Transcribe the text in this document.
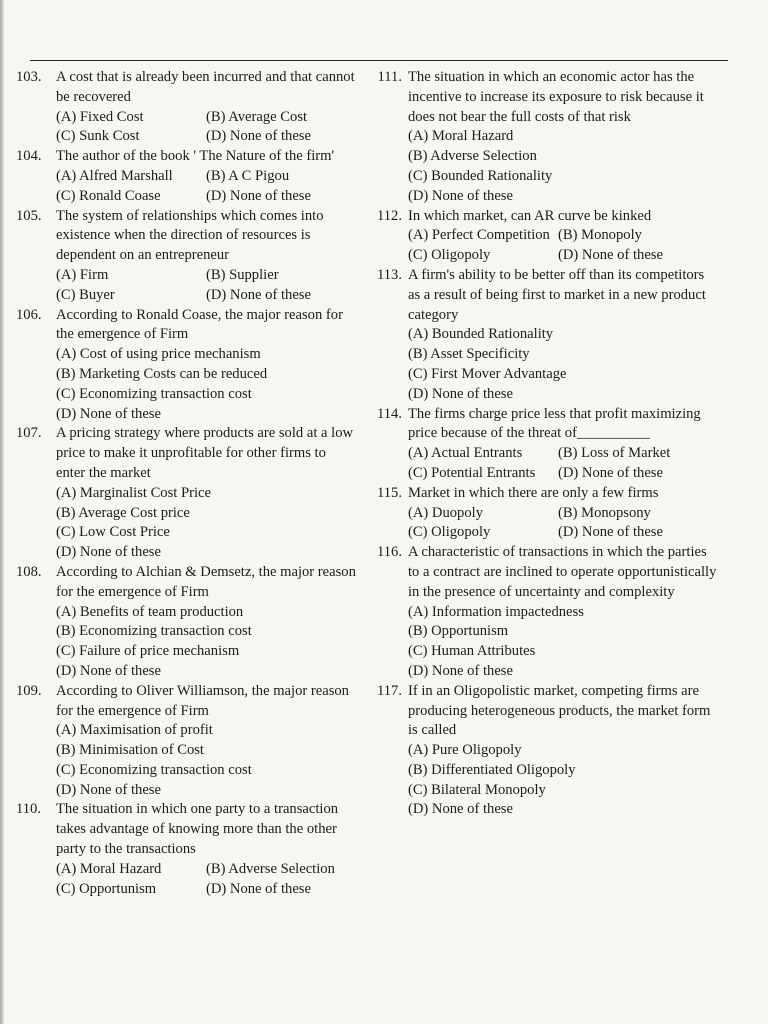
103. A cost that is already been incurred and that cannot be recovered

(A) Fixed Cost	(B) Average Cost
(C) Sunk Cost	(D) None of these
104. The author of the book ' The Nature of the firm'

(A) Alfred Marshall	(B) A C Pigou
(C) Ronald Coase	(D) None of these
105. The system of relationships which comes into existence when the direction of resources is dependent on an entrepreneur

(A) Firm	(B) Supplier
(C) Buyer	(D) None of these
106. According to Ronald Coase, the major reason for the emergence of Firm

(A) Cost of using price mechanism
(B) Marketing Costs can be reduced
(C) Economizing transaction cost
(D) None of these
107. A pricing strategy where products are sold at a low price to make it unprofitable for other firms to enter the market

(A) Marginalist Cost Price
(B) Average Cost price
(C) Low Cost Price
(D) None of these
108. According to Alchian & Demsetz, the major reason for the emergence of Firm

(A) Benefits of team production
(B) Economizing transaction cost
(C) Failure of price mechanism
(D) None of these
109. According to Oliver Williamson, the major reason for the emergence of Firm

(A) Maximisation of profit
(B) Minimisation of Cost
(C) Economizing transaction cost
(D) None of these
110.	The situation in which one party to a transaction takes advantage of knowing more than the other party to the transactions

(A) Moral Hazard	(B) Adverse Selection
(C) Opportunism	(D) None of these
111. The situation in which an economic actor has the incentive to increase its exposure to risk because it does not bear the full costs of that risk

(A) Moral Hazard
(B) Adverse Selection
(C) Bounded Rationality
(D) None of these
112. In which market, can AR curve be kinked

(A) Perfect Competition (B) Monopoly
(C) Oligopoly	(D) None of these
113. A firm's ability to be better off than its competitors as a result of being first to market in a new product category

(A) Bounded Rationality
(B) Asset Specificity
(C) First Mover Advantage
(D) None of these
114. The firms charge price less that profit maximizing price because of the threat of__________

(A) Actual Entrants	(B) Loss of Market
(C) Potential Entrants	(D) None of these
115. Market in which there are only a few firms

(A) Duopoly	(B) Monopsony
(C) Oligopoly	(D) None of these
116. A characteristic of transactions in which the parties to a contract are inclined to operate opportunistically in the presence of uncertainty and complexity

(A) Information impactedness
(B) Opportunism
(C) Human Attributes
(D) None of these
117. If in an Oligopolistic market, competing firms are producing heterogeneous products, the market form is called

(A) Pure Oligopoly
(B) Differentiated Oligopoly
(C) Bilateral Monopoly
(D) None of these
